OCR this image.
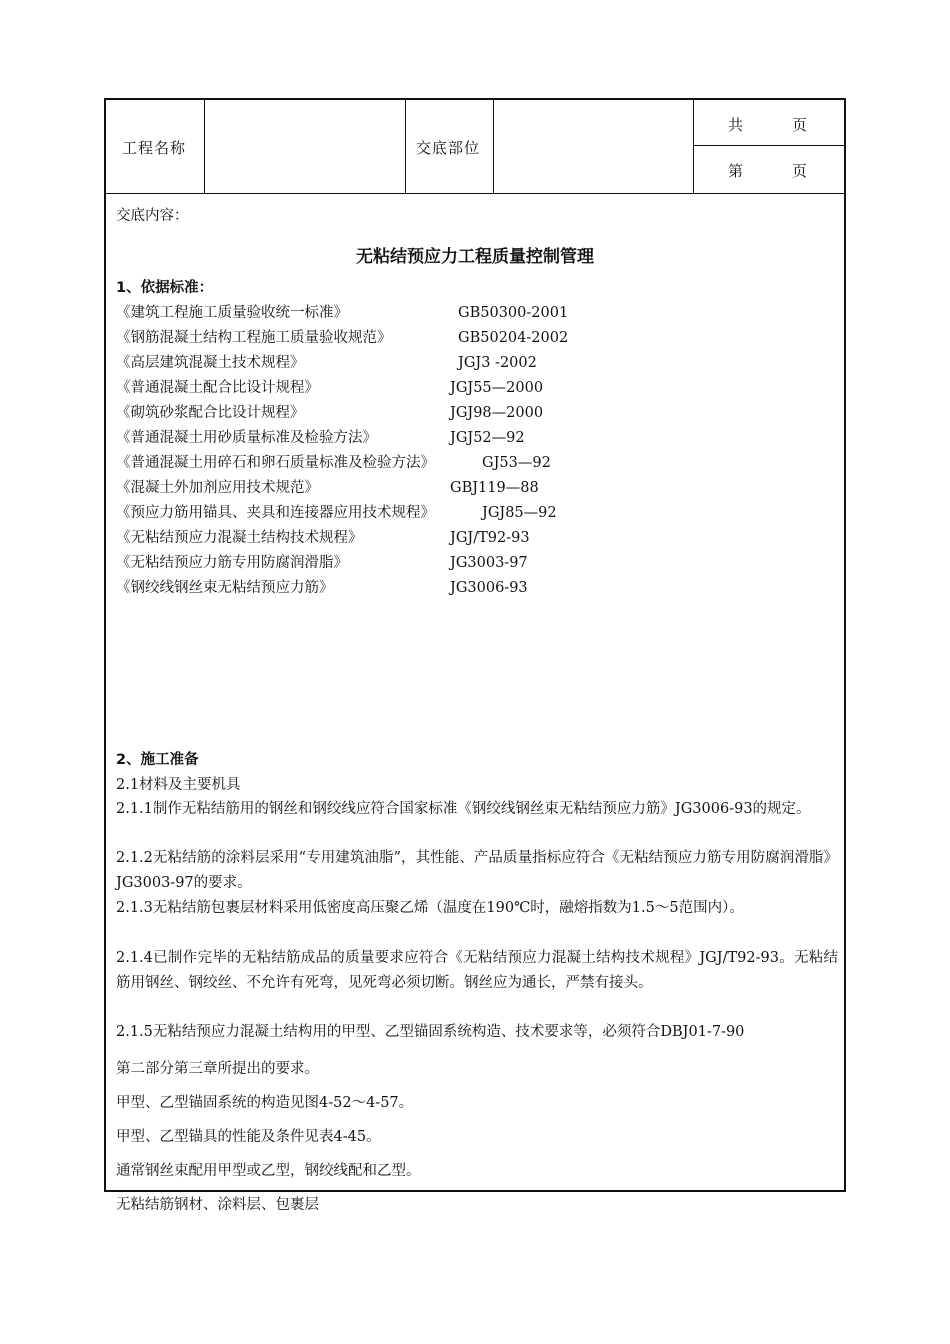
工程名称	交底部位
共　　　页
第　　　页
交底内容：
无粘结预应力工程质量控制管理
1、依据标准：
《建筑工程施工质量验收统一标准》	GB50300-2001
《钢筋混凝土结构工程施工质量验收规范》	GB50204-2002
《高层建筑混凝土技术规程》	JGJ3 -2002
《普通混凝土配合比设计规程》	JGJ55—2000
《砌筑砂浆配合比设计规程》	JGJ98—2000
《普通混凝土用砂质量标准及检验方法》	JGJ52—92
《普通混凝土用碎石和卵石质量标准及检验方法》	GJ53—92
《混凝土外加剂应用技术规范》	GBJ119—88
《预应力筋用锚具、夹具和连接器应用技术规程》	JGJ85—92
《无粘结预应力混凝土结构技术规程》	JGJ/T92-93
《无粘结预应力筋专用防腐润滑脂》	JG3003-97
《钢绞线钢丝束无粘结预应力筋》	JG3006-93
2、施工准备
2.1材料及主要机具
2.1.1制作无粘结筋用的钢丝和钢绞线应符合国家标准《钢绞线钢丝束无粘结预应力筋》JG3006-93的规定。
2.1.2无粘结筋的涂料层采用“专用建筑油脂”，其性能、产品质量指标应符合《无粘结预应力筋专用防腐润滑脂》JG3003-97的要求。
2.1.3无粘结筋包裹层材料采用低密度高压聚乙烯（温度在190℃时，融熔指数为1.5～5范围内）。
2.1.4已制作完毕的无粘结筋成品的质量要求应符合《无粘结预应力混凝土结构技术规程》JGJ/T92-93。无粘结筋用钢丝、钢绞丝、不允许有死弯，见死弯必须切断。钢丝应为通长，严禁有接头。
2.1.5无粘结预应力混凝土结构用的甲型、乙型锚固系统构造、技术要求等，必须符合DBJ01-7-90
第二部分第三章所提出的要求。
甲型、乙型锚固系统的构造见图4-52～4-57。
甲型、乙型锚具的性能及条件见表4-45。
通常钢丝束配用甲型或乙型，钢绞线配和乙型。
无粘结筋钢材、涂料层、包裹层
